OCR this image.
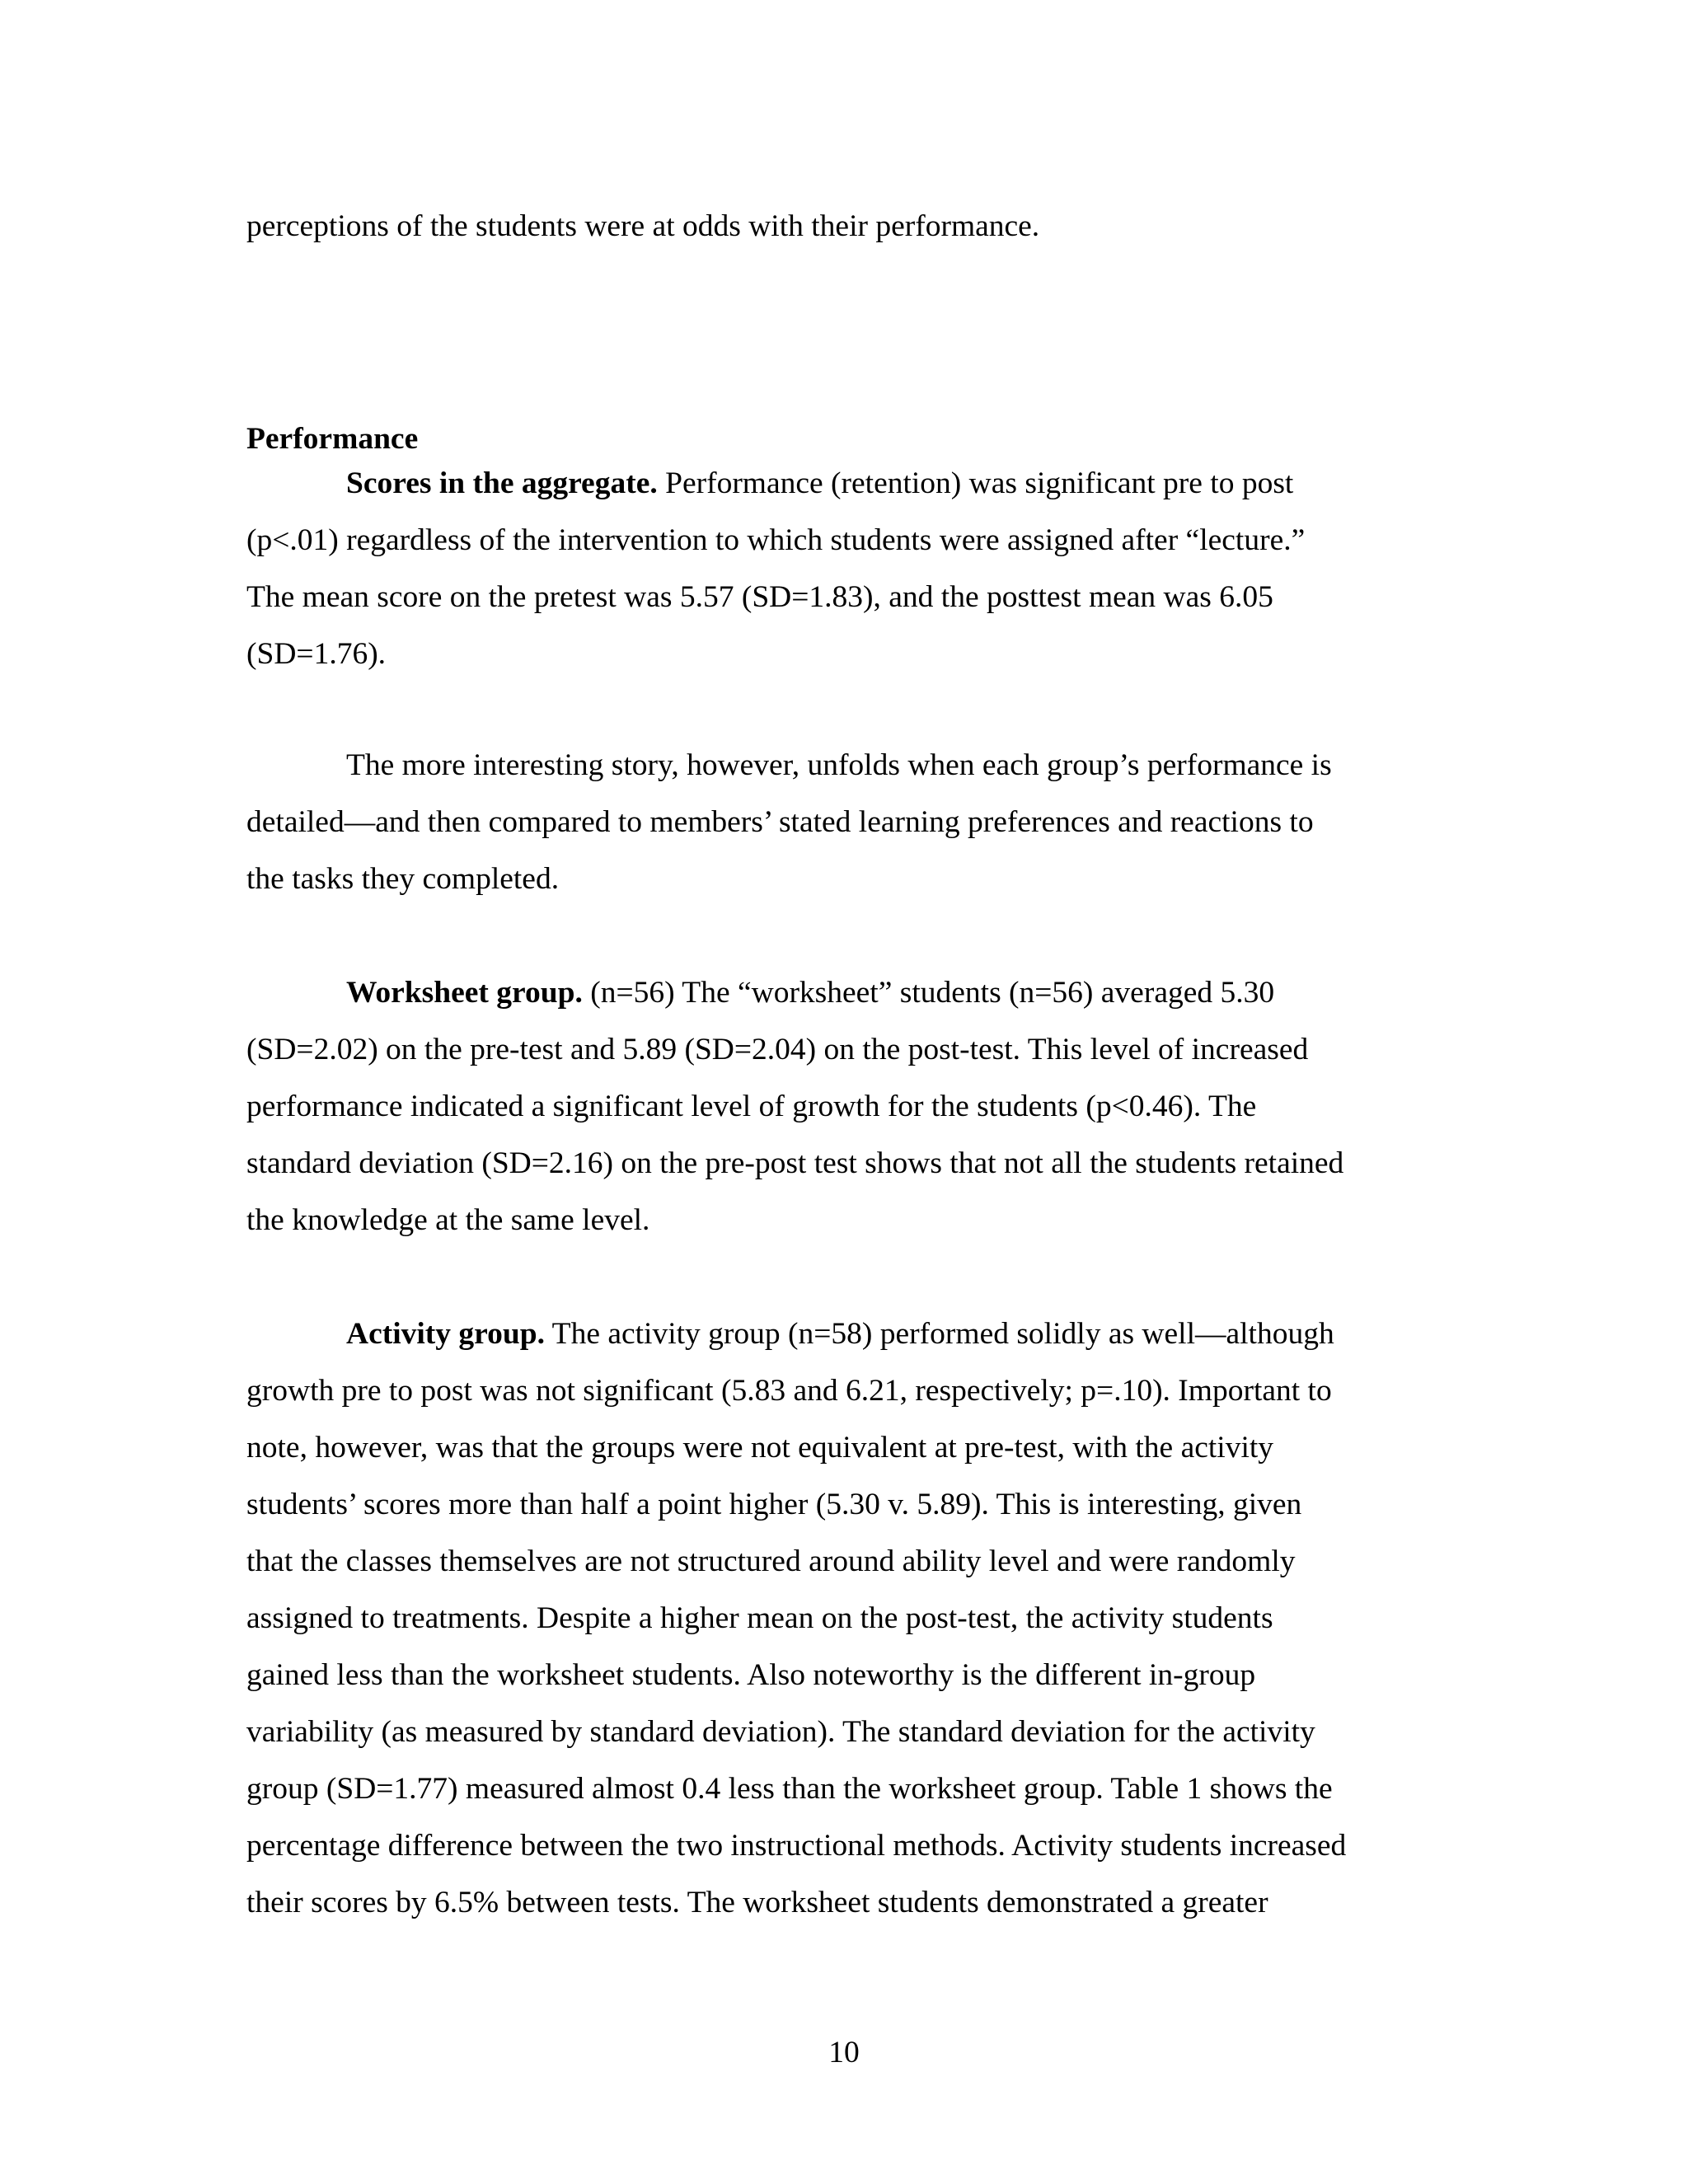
perceptions of the students were at odds with their performance.

Performance

Scores in the aggregate. Performance (retention) was significant pre to post
(p<.01) regardless of the intervention to which students were assigned after “lecture.”
The mean score on the pretest was 5.57 (SD=1.83), and the posttest mean was 6.05
(SD=1.76).

The more interesting story, however, unfolds when each group’s performance is
detailed—and then compared to members’ stated learning preferences and reactions to
the tasks they completed.

Worksheet group. (n=56) The “worksheet” students (n=56) averaged 5.30
(SD=2.02) on the pre-test and 5.89 (SD=2.04) on the post-test. This level of increased
performance indicated a significant level of growth for the students (p<0.46). The
standard deviation (SD=2.16) on the pre-post test shows that not all the students retained
the knowledge at the same level.

Activity group. The activity group (n=58) performed solidly as well—although
growth pre to post was not significant (5.83 and 6.21, respectively; p=.10). Important to
note, however, was that the groups were not equivalent at pre-test, with the activity
students’ scores more than half a point higher (5.30 v. 5.89). This is interesting, given
that the classes themselves are not structured around ability level and were randomly
assigned to treatments. Despite a higher mean on the post-test, the activity students
gained less than the worksheet students. Also noteworthy is the different in-group
variability (as measured by standard deviation). The standard deviation for the activity
group (SD=1.77) measured almost 0.4 less than the worksheet group. Table 1 shows the
percentage difference between the two instructional methods. Activity students increased
their scores by 6.5% between tests. The worksheet students demonstrated a greater

10
